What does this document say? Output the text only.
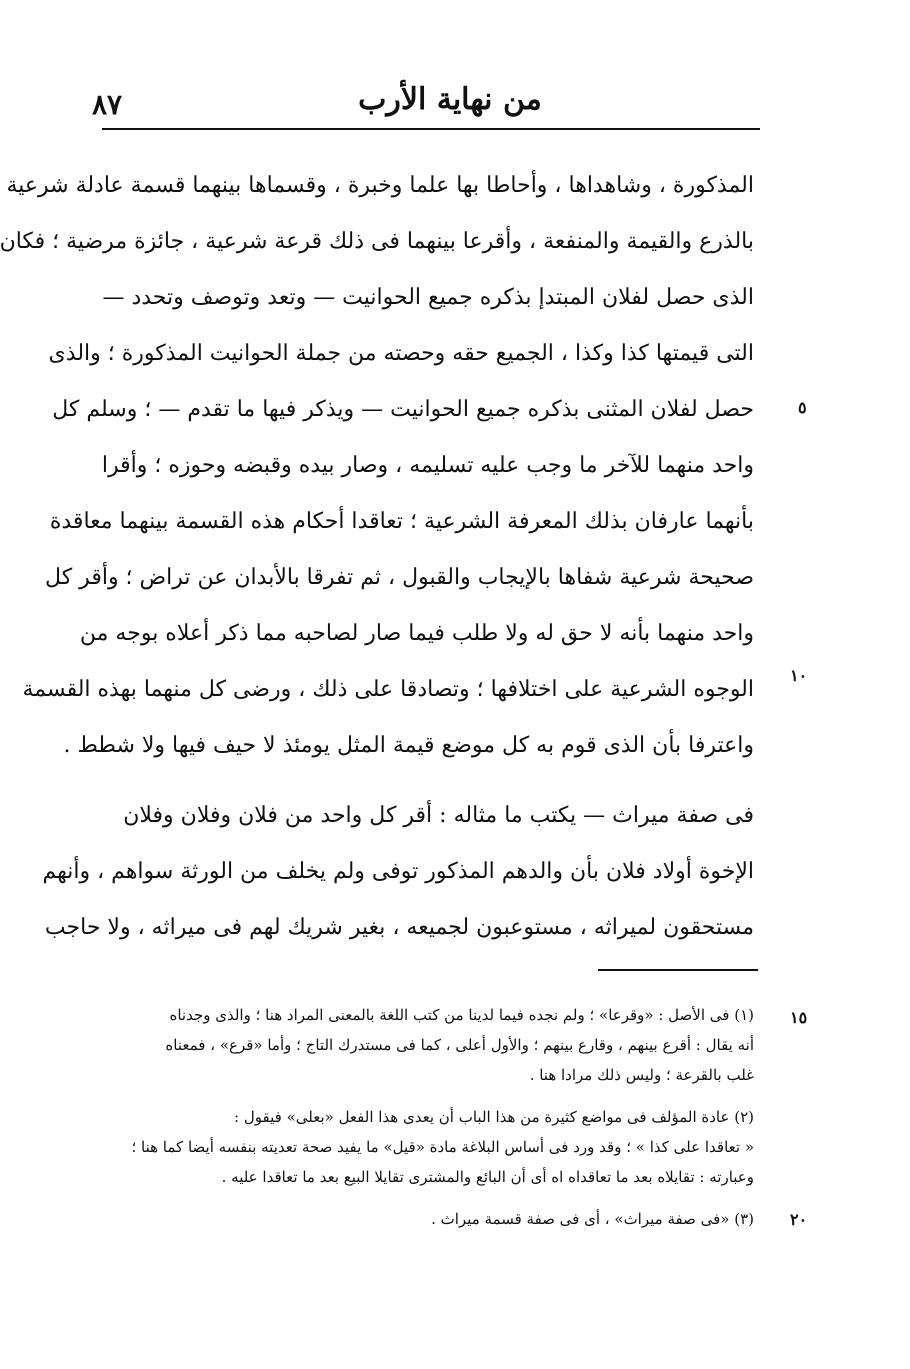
٨٧	من نهاية الأرب
٥
١٠
١٥
٢٠
المذكورة ، وشاهداها ، وأحاطا بها علما وخبرة ، وقسماها بينهما قسمة عادلة شرعية
بالذرع والقيمة والمنفعة ، وأقرعا بينهما فى ذلك قرعة شرعية ، جائزة مرضية ؛ فكان
الذى حصل لفلان المبتدإ بذكره جميع الحوانيت — وتعد وتوصف وتحدد —
التى قيمتها كذا وكذا ، الجميع حقه وحصته من جملة الحوانيت المذكورة ؛ والذى
حصل لفلان المثنى بذكره جميع الحوانيت — ويذكر فيها ما تقدم — ؛ وسلم كل
واحد منهما للآخر ما وجب عليه تسليمه ، وصار بيده وقبضه وحوزه ؛ وأقرا
بأنهما عارفان بذلك المعرفة الشرعية ؛ تعاقدا أحكام هذه القسمة بينهما معاقدة
صحيحة شرعية شفاها بالإيجاب والقبول ، ثم تفرقا بالأبدان عن تراض ؛ وأقر كل
واحد منهما بأنه لا حق له ولا طلب فيما صار لصاحبه مما ذكر أعلاه بوجه من
الوجوه الشرعية على اختلافها ؛ وتصادقا على ذلك ، ورضى كل منهما بهذه القسمة
واعترفا بأن الذى قوم به كل موضع قيمة المثل يومئذ لا حيف فيها ولا شطط .
فى صفة ميراث — يكتب ما مثاله : أقر كل واحد من فلان وفلان وفلان
الإخوة أولاد فلان بأن والدهم المذكور توفى ولم يخلف من الورثة سواهم ، وأنهم
مستحقون لميراثه ، مستوعبون لجميعه ، بغير شريك لهم فى ميراثه ، ولا حاجب
(١) فى الأصل : «وقرعا» ؛ ولم نجده فيما لدينا من كتب اللغة بالمعنى المراد هنا ؛ والذى وجدناه
أنه يقال : أقرع بينهم ، وقارع بينهم ؛ والأول أعلى ، كما فى مستدرك التاج ؛ وأما «قرع» ، فمعناه
غلب بالقرعة ؛ وليس ذلك مرادا هنا .
(٢) عادة المؤلف فى مواضع كثيرة من هذا الباب أن يعدى هذا الفعل «بعلى» فيقول :
« تعاقدا على كذا » ؛ وقد ورد فى أساس البلاغة مادة «قيل» ما يفيد صحة تعديته بنفسه أيضا كما هنا ؛
وعبارته : تقايلاه بعد ما تعاقداه اه أى أن البائع والمشترى تقايلا البيع بعد ما تعاقدا عليه .
(٣) «فى صفة ميراث» ، أى فى صفة قسمة ميراث .
